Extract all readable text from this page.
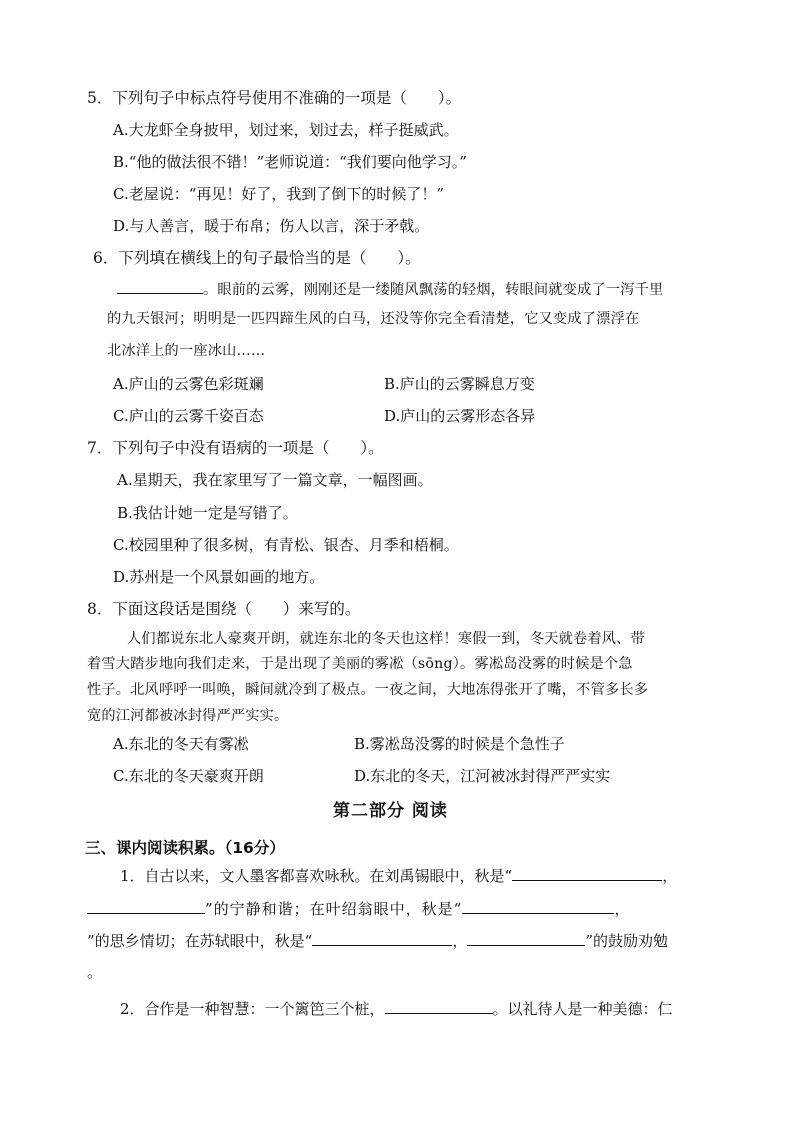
5．下列句子中标点符号使用不准确的一项是（　　）。
A.大龙虾全身披甲，划过来，划过去，样子挺威武。
B.“他的做法很不错！”老师说道：“我们要向他学习。”
C.老屋说：“再见！好了，我到了倒下的时候了！”
D.与人善言，暖于布帛；伤人以言，深于矛戟。
6．下列填在横线上的句子最恰当的是（　　）。
。眼前的云雾，刚刚还是一缕随风飘荡的轻烟，转眼间就变成了一泻千里
的九天银河；明明是一匹四蹄生风的白马，还没等你完全看清楚，它又变成了漂浮在
北冰洋上的一座冰山……
A.庐山的云雾色彩斑斓	B.庐山的云雾瞬息万变
C.庐山的云雾千姿百态	D.庐山的云雾形态各异
7．下列句子中没有语病的一项是（　　）。
A.星期天，我在家里写了一篇文章，一幅图画。
B.我估计她一定是写错了。
C.校园里种了很多树，有青松、银杏、月季和梧桐。
D.苏州是一个风景如画的地方。
8．下面这段话是围绕（　　）来写的。
人们都说东北人豪爽开朗，就连东北的冬天也这样！寒假一到，冬天就卷着风、带
着雪大踏步地向我们走来，于是出现了美丽的雾凇（sōng）。雾凇岛没雾的时候是个急
性子。北风呼呼一叫唤，瞬间就冷到了极点。一夜之间，大地冻得张开了嘴，不管多长多
宽的江河都被冰封得严严实实。
A.东北的冬天有雾凇	B.雾凇岛没雾的时候是个急性子
C.东北的冬天豪爽开朗	D.东北的冬天，江河被冰封得严严实实
第二部分 阅读
三、课内阅读积累。（16分）
1．自古以来，文人墨客都喜欢咏秋。在刘禹锡眼中，秋是“	，
”的宁静和谐；在叶绍翁眼中，秋是“	，
”的思乡情切；在苏轼眼中，秋是“	，	”的鼓励劝勉
。
2．合作是一种智慧：一个篱笆三个桩，	。以礼待人是一种美德：仁
